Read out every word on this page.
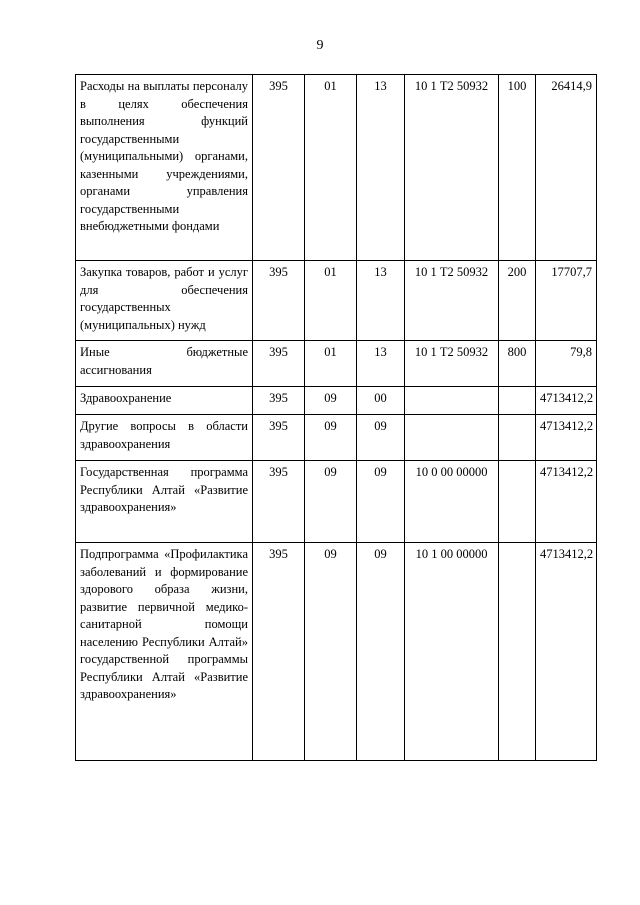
9
Расходы на выплаты персоналу в целях обеспечения выполнения функций государственными (муниципальными) органами, казенными учреждениями, органами управления государственными внебюджетными фондами	395	01	13	10 1 Т2 50932	100	26414,9
Закупка товаров, работ и услуг для обеспечения государственных (муниципальных) нужд	395	01	13	10 1 Т2 50932	200	17707,7
Иные бюджетные ассигнования	395	01	13	10 1 Т2 50932	800	79,8
Здравоохранение	395	09	00			4713412,2
Другие вопросы в области здравоохранения	395	09	09			4713412,2
Государственная программа Республики Алтай «Развитие здравоохранения»	395	09	09	10 0 00 00000		4713412,2
Подпрограмма «Профилактика заболеваний и формирование здорового образа жизни, развитие первичной медико-санитарной помощи населению Республики Алтай» государственной программы Республики Алтай «Развитие здравоохранения»	395	09	09	10 1 00 00000		4713412,2
